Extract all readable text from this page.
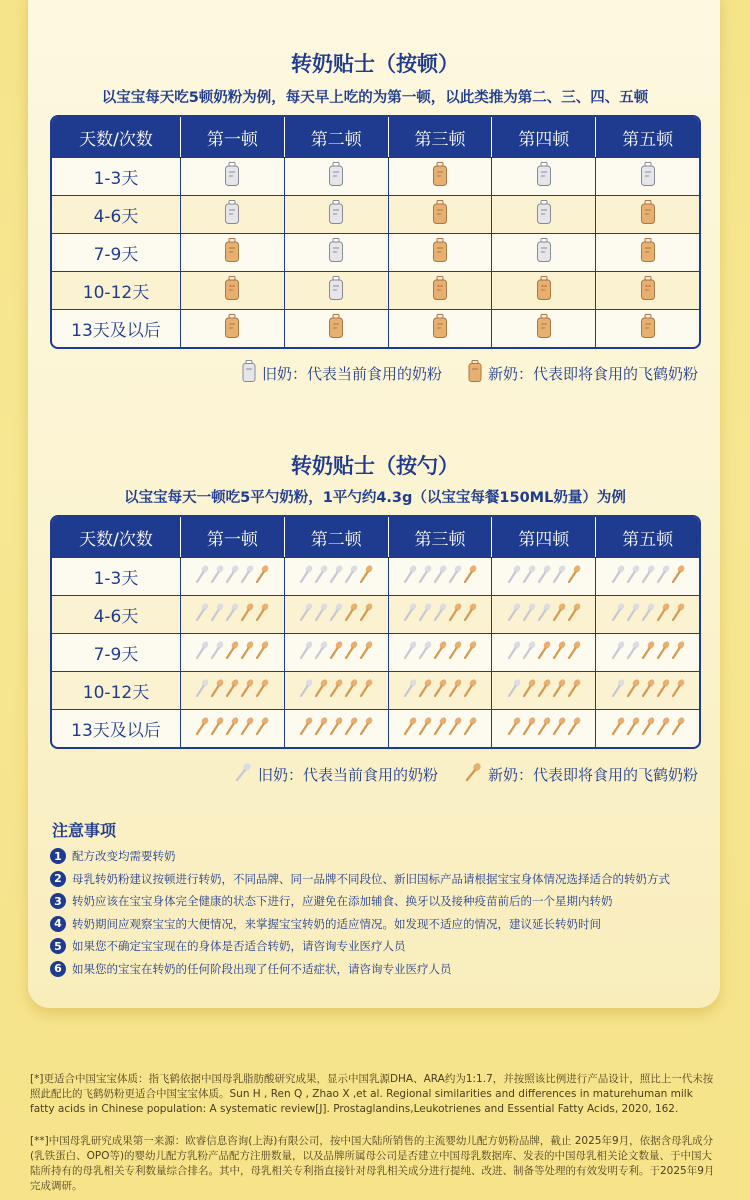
转奶贴士（按顿）
以宝宝每天吃5顿奶粉为例，每天早上吃的为第一顿，以此类推为第二、三、四、五顿
天数/次数	第一顿	第二顿	第三顿	第四顿	第五顿
1-3天					
4-6天					
7-9天					
10-12天					
13天及以后					
旧奶：代表当前食用的奶粉	新奶：代表即将食用的飞鹤奶粉
转奶贴士（按勺）
以宝宝每天一顿吃5平勺奶粉，1平勺约4.3g（以宝宝每餐150ML奶量）为例
天数/次数	第一顿	第二顿	第三顿	第四顿	第五顿
1-3天	

4-6天	

7-9天	

10-12天	

13天及以后	

旧奶：代表当前食用的奶粉	新奶：代表即将食用的飞鹤奶粉
注意事项
1 配方改变均需要转奶
2 母乳转奶粉建议按顿进行转奶，不同品牌、同一品牌不同段位、新旧国标产品请根据宝宝身体情况选择适合的转奶方式
3 转奶应该在宝宝身体完全健康的状态下进行，应避免在添加辅食、换牙以及接种疫苗前后的一个星期内转奶
4 转奶期间应观察宝宝的大便情况，来掌握宝宝转奶的适应情况。如发现不适应的情况，建议延长转奶时间
5 如果您不确定宝宝现在的身体是否适合转奶，请咨询专业医疗人员
6 如果您的宝宝在转奶的任何阶段出现了任何不适症状，请咨询专业医疗人员
[*]更适合中国宝宝体质：指飞鹤依据中国母乳脂肪酸研究成果，显示中国乳源DHA、ARA约为1:1.7，并按照该比例进行产品设计，照比上一代未按照此配比的飞鹤奶粉更适合中国宝宝体质。Sun H , Ren Q , Zhao X ,et al. Regional similarities and differences in maturehuman milk fatty acids in Chinese population: A systematic review[J]. Prostaglandins,Leukotrienes and Essential Fatty Acids, 2020, 162.
[**]中国母乳研究成果第一来源：欧睿信息咨询(上海)有限公司，按中国大陆所销售的主流婴幼儿配方奶粉品牌，截止 2025年9月，依据含母乳成分(乳铁蛋白、OPO等)的婴幼儿配方乳粉产品配方注册数量，以及品牌所属母公司是否建立中国母乳数据库、发表的中国母乳相关论文数量、于中国大陆所持有的母乳相关专利数量综合排名。其中，母乳相关专利指直接针对母乳相关成分进行提纯、改进、制备等处理的有效发明专利。于2025年9月完成调研。
